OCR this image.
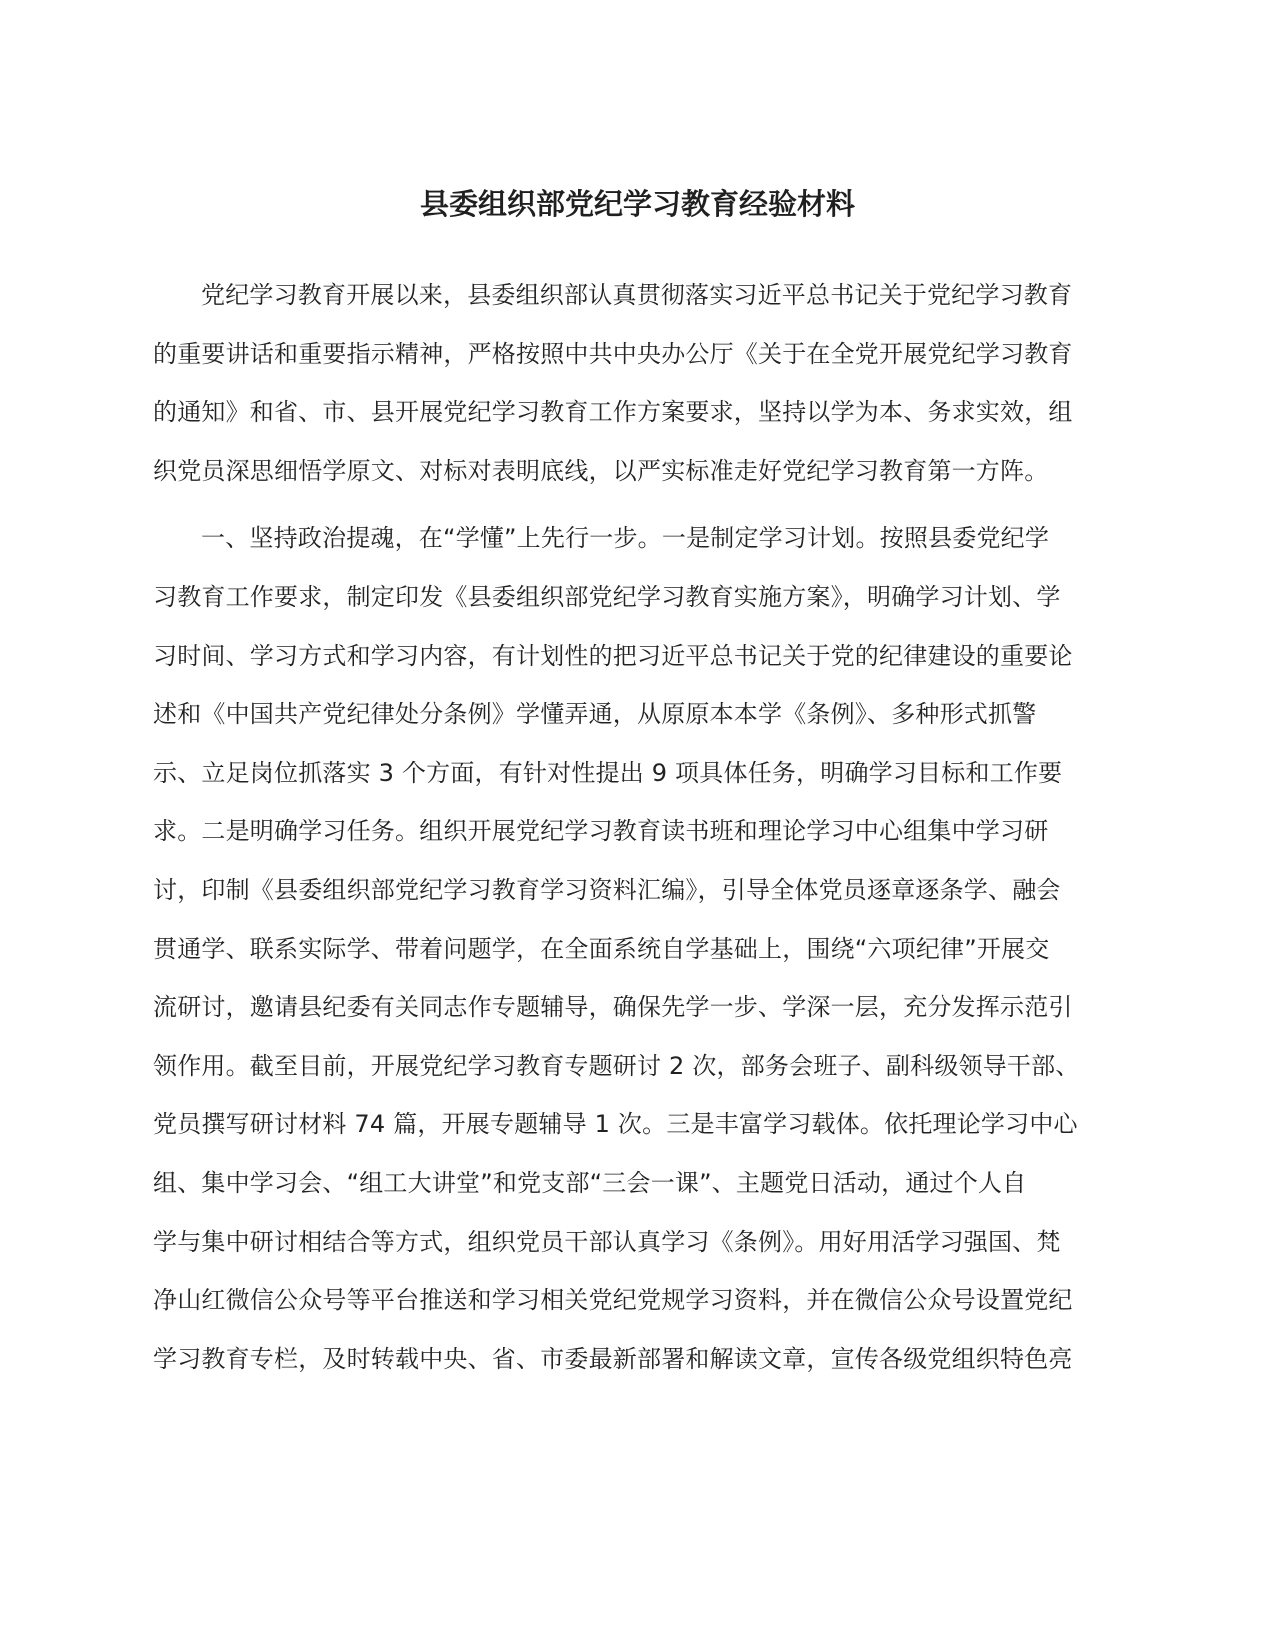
县委组织部党纪学习教育经验材料
党纪学习教育开展以来，县委组织部认真贯彻落实习近平总书记关于党纪学习教育
的重要讲话和重要指示精神，严格按照中共中央办公厅《关于在全党开展党纪学习教育
的通知》和省、市、县开展党纪学习教育工作方案要求，坚持以学为本、务求实效，组
织党员深思细悟学原文、对标对表明底线，以严实标准走好党纪学习教育第一方阵。
一、坚持政治提魂，在“学懂”上先行一步。一是制定学习计划。按照县委党纪学
习教育工作要求，制定印发《县委组织部党纪学习教育实施方案》，明确学习计划、学
习时间、学习方式和学习内容，有计划性的把习近平总书记关于党的纪律建设的重要论
述和《中国共产党纪律处分条例》学懂弄通，从原原本本学《条例》、多种形式抓警
示、立足岗位抓落实 3 个方面，有针对性提出 9 项具体任务，明确学习目标和工作要
求。二是明确学习任务。组织开展党纪学习教育读书班和理论学习中心组集中学习研
讨，印制《县委组织部党纪学习教育学习资料汇编》，引导全体党员逐章逐条学、融会
贯通学、联系实际学、带着问题学，在全面系统自学基础上，围绕“六项纪律”开展交
流研讨，邀请县纪委有关同志作专题辅导，确保先学一步、学深一层，充分发挥示范引
领作用。截至目前，开展党纪学习教育专题研讨 2 次，部务会班子、副科级领导干部、
党员撰写研讨材料 74 篇，开展专题辅导 1 次。三是丰富学习载体。依托理论学习中心
组、集中学习会、“组工大讲堂”和党支部“三会一课”、主题党日活动，通过个人自
学与集中研讨相结合等方式，组织党员干部认真学习《条例》。用好用活学习强国、梵
净山红微信公众号等平台推送和学习相关党纪党规学习资料，并在微信公众号设置党纪
学习教育专栏，及时转载中央、省、市委最新部署和解读文章，宣传各级党组织特色亮
